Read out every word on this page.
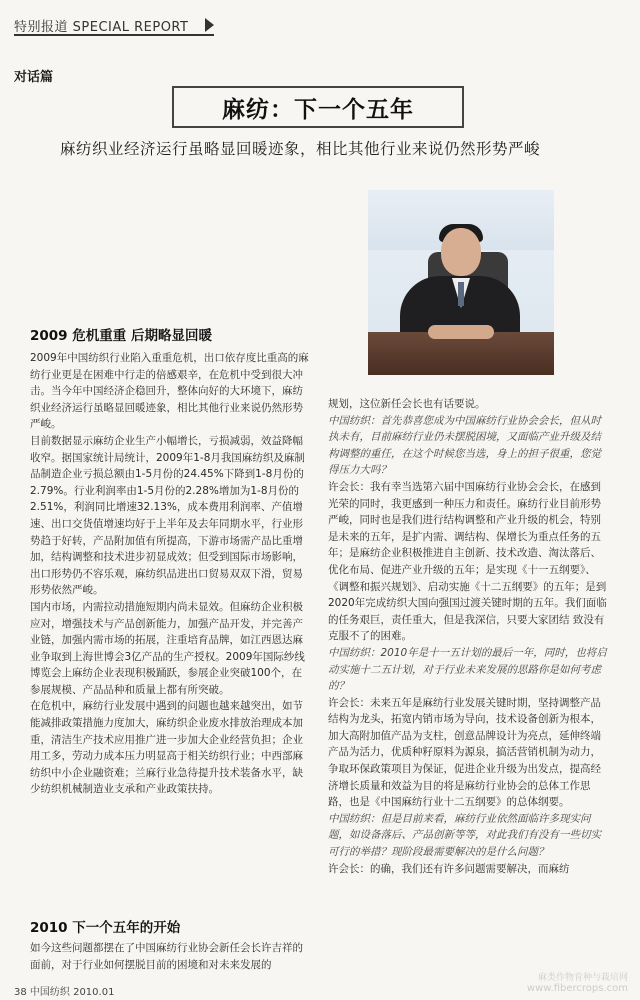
特别报道 SPECIAL REPORT
对话篇
麻纺：下一个五年
麻纺织业经济运行虽略显回暖迹象，相比其他行业来说仍然形势严峻
2009 危机重重 后期略显回暖

2009年中国纺织行业陷入重重危机，出口依存度比重高的麻纺行业更是在困难中行走的倍感艰辛，在危机中受到很大冲击。当今年中国经济企稳回升，整体向好的大环境下，麻纺织业经济运行虽略显回暖迹象，相比其他行业来说仍然形势严峻。

目前数据显示麻纺企业生产小幅增长，亏损减弱，效益降幅收窄。据国家统计局统计，2009年1-8月我国麻纺织及麻制品制造企业亏损总额由1-5月份的24.45%下降到1-8月份的2.79%。行业利润率由1-5月份的2.28%增加为1-8月份的2.51%，利润同比增速32.13%，成本费用利润率、产值增速、出口交货值增速均好于上半年及去年同期水平，行业形势趋于好转，产品附加值有所提高，下游市场需产品比重增加，结构调整和技术进步初显成效；但受到国际市场影响，出口形势仍不容乐观，麻纺织品进出口贸易双双下滑，贸易形势依然严峻。

国内市场，内需拉动措施短期内尚未显效。但麻纺企业积极应对，增强技术与产品创新能力，加强产品开发，并完善产业链，加强内需市场的拓展，注重培育品牌，如江西恩达麻业争取到上海世博会3亿产品的生产授权。2009年国际纱线博览会上麻纺企业表现积极踊跃，参展企业突破100个，在参展规模、产品品种和质量上都有所突破。

在危机中，麻纺行业发展中遇到的问题也越来越突出，如节能减排政策措施力度加大，麻纺织企业废水排放治理成本加重，清洁生产技术应用推广进一步加大企业经营负担；企业用工多，劳动力成本压力明显高于相关纺织行业；中西部麻纺织中小企业融资难；兰麻行业急待提升技术装备水平，缺少纺织机械制造业支承和产业政策扶持。

2010 下一个五年的开始

如今这些问题都摆在了中国麻纺行业协会新任会长许吉祥的面前，对于行业如何摆脱目前的困境和对未来发展的

规划，这位新任会长也有话要说。

中国纺织：首先恭喜您成为中国麻纺行业协会会长，但从时执未有，目前麻纺行业仍未摆脱困境，又面临产业升级及结构调整的重任，在这个时候您当选，身上的担子很重，您觉得压力大吗？

许会长：我有幸当选第六届中国麻纺行业协会会长，在感到光荣的同时，我更感到一种压力和责任。麻纺行业目前形势严峻，同时也是我们进行结构调整和产业升级的机会，特别是未来的五年，是扩内需、调结构、保增长为重点任务的五年；是麻纺企业积极推进自主创新、技术改造、淘汰落后、优化布局、促进产业升级的五年；是实现《十一五纲要》、《调整和振兴规划》、启动实施《十二五纲要》的五年；是到2020年完成纺织大国向强国过渡关键时期的五年。我们面临的任务艰巨，责任重大，但是我深信，只要大家团结 致没有克服不了的困难。

中国纺织：2010年是十一五计划的最后一年，同时，也将启动实施十二五计划，对于行业未来发展的思路你是如何考虑的？

许会长：未来五年是麻纺行业发展关键时期，坚持调整产品结构为龙头，拓宽内销市场为导向，技术设备创新为根本，加大高附加值产品为支柱，创意品牌设计为亮点，延伸终端产品为活力，优质种籽原料为源泉，搞活营销机制为动力，争取环保政策项目为保证，促进企业升级为出发点，提高经济增长质量和效益为目的将是麻纺行业协会的总体工作思路，也是《中国麻纺行业十二五纲要》的总体纲要。

中国纺织：但是目前来看，麻纺行业依然面临许多现实问题，如设备落后、产品创新等等，对此我们有没有一些切实可行的举措？现阶段最需要解决的是什么问题？

许会长：的确，我们还有许多问题需要解决，而麻纺

38 中国纺织 2010.01
麻类作物育种与栽培网
www.fibercrops.com
